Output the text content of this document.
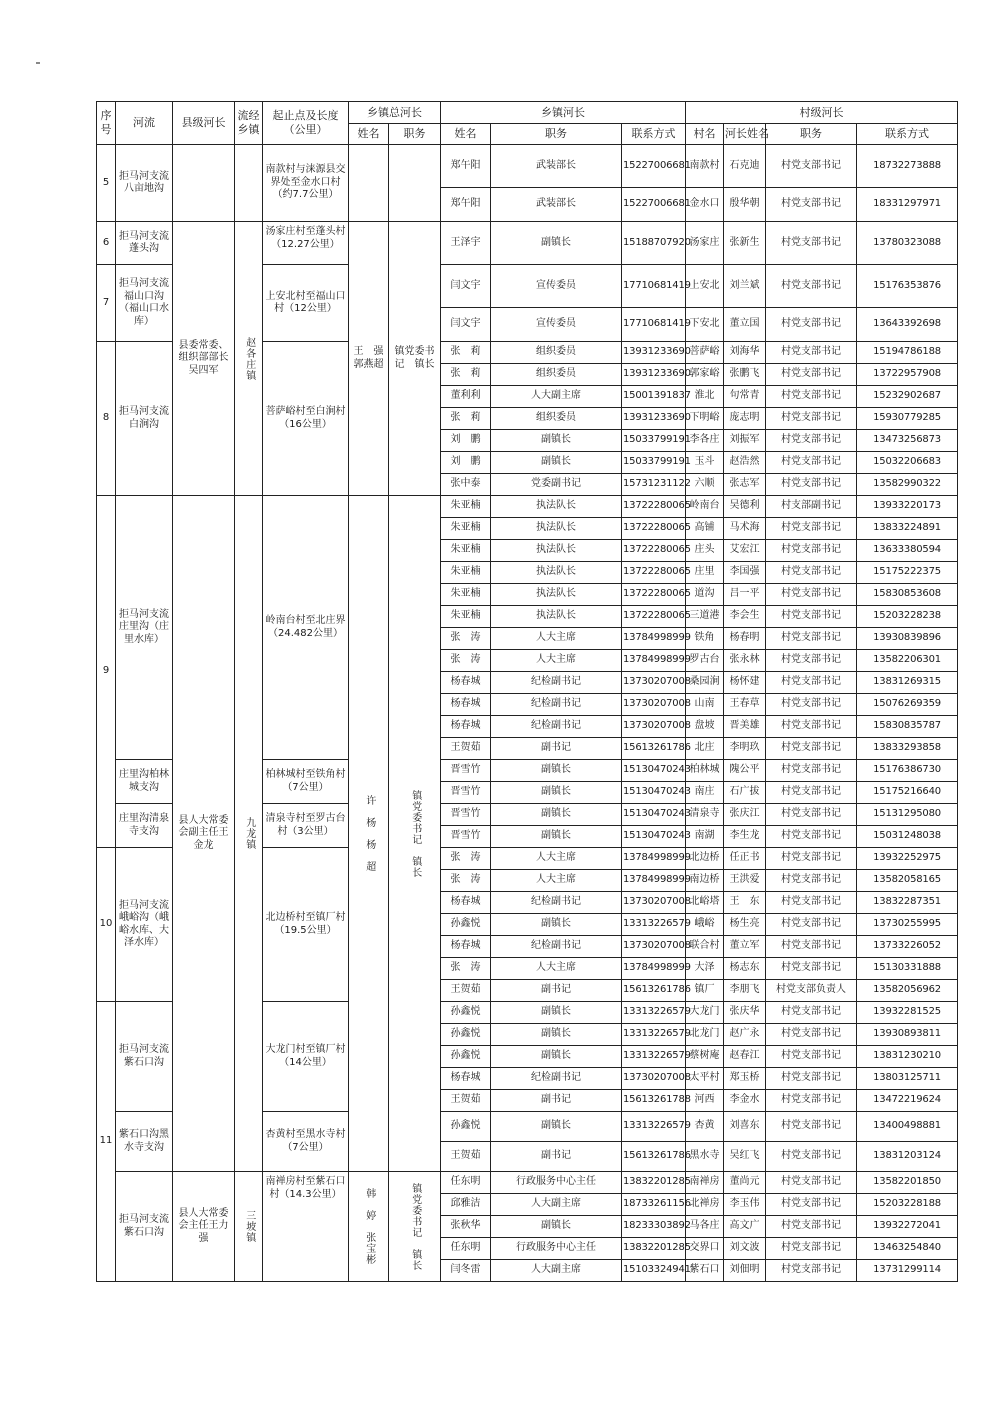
序号	河流	县级河长	流经乡镇	起止点及长度（公里）	乡镇总河长		乡镇河长			村级河长			
					姓名	职务	姓名	职务	联系方式	村名	河长姓名	职务	联系方式
5	拒马河支流八亩地沟			南款村与涞源县交界处至金水口村（约7.7公里）			郑午阳	武装部长	15227006681	南款村	石克迪	村党支部书记	18732273888
							郑午阳	武装部长	15227006681	金水口	殷华朝	村党支部书记	18331297971
6	拒马河支流蓬头沟	县委常委、组织部部长吴四军	赵各庄镇	汤家庄村至蓬头村（12.27公里）	王　强　郭燕超	镇党委书记　镇长	王泽宇	副镇长	15188707920	汤家庄	张新生	村党支部书记	13780323088
7	拒马河支流福山口沟（福山口水库）			上安北村至福山口村（12公里）			闫文宇	宣传委员	17710681419	上安北	刘兰斌	村党支部书记	15176353876
							闫文宇	宣传委员	17710681419	下安北	董立国	村党支部书记	13643392698
8	拒马河支流白涧沟			菩萨峪村至白涧村（16公里）			张　莉	组织委员	13931233690	菩萨峪	刘海华	村党支部书记	15194786188
							张　莉	组织委员	13931233690	郭家峪	张鹏飞	村党支部书记	13722957908
							董利利	人大副主席	15001391837	淮北	句常青	村党支部书记	15232902687
							张　莉	组织委员	13931233690	下明峪	庞志明	村党支部书记	15930779285
							刘　鹏	副镇长	15033799191	李各庄	刘振军	村党支部书记	13473256873
							刘　鹏	副镇长	15033799191	玉斗	赵浩然	村党支部书记	15032206683
							张中泰	党委副书记	15731231122	六顺	张志军	村党支部书记	13582990322
9	拒马河支流庄里沟（庄里水库）	县人大常委会副主任王金龙	九龙镇	岭南台村至北庄界（24.482公里）	许　杨　杨　超	镇党委书记　镇长	朱亚楠	执法队长	13722280065	岭南台	吴德利	村支部副书记	13933220173
							朱亚楠	执法队长	13722280065	高铺	马术海	村党支部书记	13833224891
							朱亚楠	执法队长	13722280065	庄头	艾宏江	村党支部书记	13633380594
							朱亚楠	执法队长	13722280065	庄里	李国强	村党支部书记	15175222375
							朱亚楠	执法队长	13722280065	道沟	吕一平	村党支部书记	15830853608
							朱亚楠	执法队长	13722280065	三道港	李会生	村党支部书记	15203228238
							张　涛	人大主席	13784998999	铁角	杨春明	村党支部书记	13930839896
							张　涛	人大主席	13784998999	罗古台	张永林	村党支部书记	13582206301
							杨春城	纪检副书记	13730207008	桑园涧	杨怀建	村党支部书记	13831269315
							杨春城	纪检副书记	13730207008	山南	王春草	村党支部书记	15076269359
							杨春城	纪检副书记	13730207008	盘坡	晋美雄	村党支部书记	15830835787
							王贺茹	副书记	15613261786	北庄	李明玖	村党支部书记	13833293858
	庄里沟柏林城支沟			柏林城村至铁角村（7公里）			晋雪竹	副镇长	15130470243	柏林城	隗公平	村党支部书记	15176386730
							晋雪竹	副镇长	15130470243	南庄	石广拔	村党支部书记	15175216640
	庄里沟清泉寺支沟			清泉寺村至罗古台村（3公里）			晋雪竹	副镇长	15130470243	清泉寺	张庆江	村党支部书记	15131295080
							晋雪竹	副镇长	15130470243	南湖	李生龙	村党支部书记	15031248038
10	拒马河支流峨峪沟（峨峪水库、大泽水库）			北边桥村至镇厂村（19.5公里）			张　涛	人大主席	13784998999	北边桥	任正书	村党支部书记	13932252975
							张　涛	人大主席	13784998999	南边桥	王洪爱	村党支部书记	13582058165
							杨春城	纪检副书记	13730207008	北峪塔	王　东	村党支部书记	13832287351
							孙鑫悦	副镇长	13313226579	峨峪	杨生亮	村党支部书记	13730255995
							杨春城	纪检副书记	13730207008	联合村	董立军	村党支部书记	13733226052
							张　涛	人大主席	13784998999	大泽	杨志东	村党支部书记	15130331888
							王贺茹	副书记	15613261786	镇厂	李朋飞	村党支部负责人	13582056962
11	拒马河支流紫石口沟			大龙门村至镇厂村（14公里）			孙鑫悦	副镇长	13313226579	大龙门	张庆华	村党支部书记	13932281525
							孙鑫悦	副镇长	13313226579	北龙门	赵广永	村党支部书记	13930893811
							孙鑫悦	副镇长	13313226579	蔡树庵	赵春江	村党支部书记	13831230210
							杨春城	纪检副书记	13730207008	太平村	郑玉桥	村党支部书记	13803125711
							王贺茹	副书记	15613261788	河西	李金水	村党支部书记	13472219624
	紫石口沟黑水寺支沟			杏黄村至黑水寺村（7公里）			孙鑫悦	副镇长	13313226579	杏黄	刘喜东	村党支部书记	13400498881
							王贺茹	副书记	15613261786	黑水寺	吴红飞	村党支部书记	13831203124
	拒马河支流紫石口沟	县人大常委会主任王力强	三坡镇	南禅房村至紫石口村（14.3公里）	韩　婷　张宝彬	镇党委书记　镇长	任东明	行政服务中心主任	13832201285	南禅房	董尚元	村党支部书记	13582201850
							邱雅洁	人大副主席	18733261156	北禅房	李玉伟	村党支部书记	15203228188
							张秋华	副镇长	18233303892	马各庄	高文广	村党支部书记	13932272041
							任东明	行政服务中心主任	13832201285	交界口	刘文波	村党支部书记	13463254840
							闫冬雷	人大副主席	15103324941	紫石口	刘佃明	村党支部书记	13731299114
